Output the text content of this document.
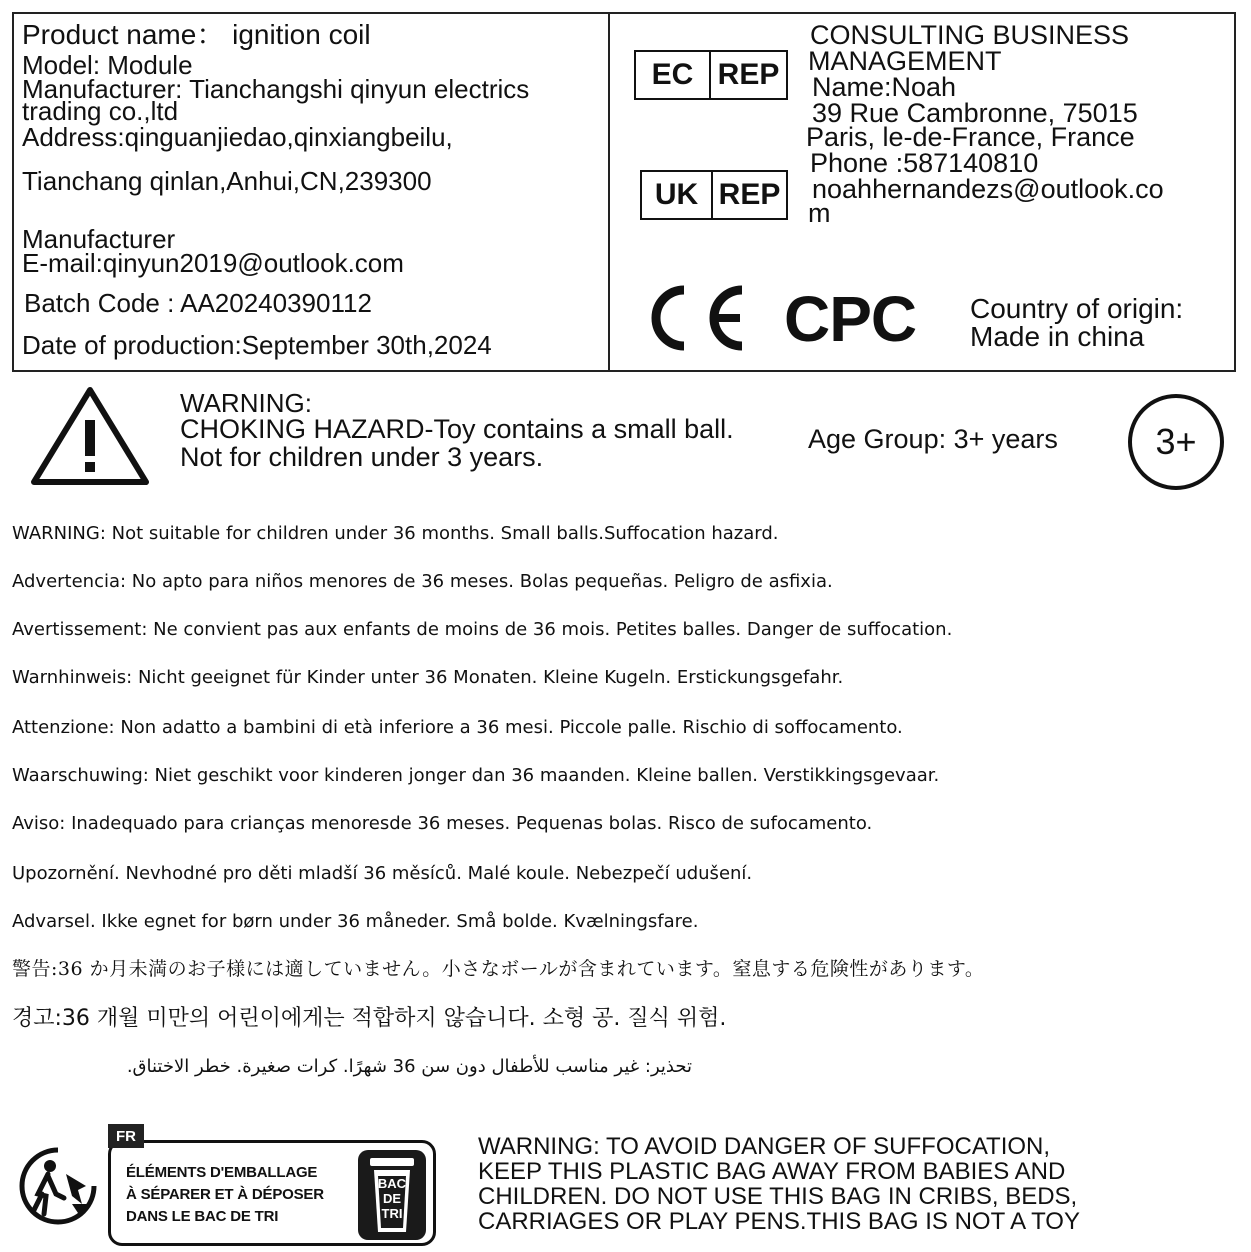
Product name： ignition coil
Model: Module
Manufacturer: Tianchangshi qinyun electrics
trading co.,ltd
Address:qinguanjiedao,qinxiangbeilu,
Tianchang qinlan,Anhui,CN,239300
Manufacturer
E-mail:qinyun2019@outlook.com
Batch Code : AA20240390112
Date of production:September 30th,2024
EC REP
UK REP
CONSULTING BUSINESS
MANAGEMENT
Name:Noah
39 Rue Cambronne, 75015
Paris, le-de-France, France
Phone :587140810
noahhernandezs@outlook.co
m
CPC Country of origin:
Made in china
WARNING:
CHOKING HAZARD-Toy contains a small ball.
Not for children under 3 years.
Age Group: 3+ years	3+
WARNING: Not suitable for children under 36 months. Small balls.Suffocation hazard.
Advertencia: No apto para niños menores de 36 meses. Bolas pequeñas. Peligro de asfixia.
Avertissement: Ne convient pas aux enfants de moins de 36 mois. Petites balles. Danger de suffocation.
Warnhinweis: Nicht geeignet für Kinder unter 36 Monaten. Kleine Kugeln. Erstickungsgefahr.
Attenzione: Non adatto a bambini di età inferiore a 36 mesi. Piccole palle. Rischio di soffocamento.
Waarschuwing: Niet geschikt voor kinderen jonger dan 36 maanden. Kleine ballen. Verstikkingsgevaar.
Aviso: Inadequado para crianças menoresde 36 meses. Pequenas bolas. Risco de sufocamento.
Upozornění. Nevhodné pro děti mladší 36 měsíců. Malé koule. Nebezpečí udušení.
Advarsel. Ikke egnet for børn under 36 måneder. Små bolde. Kvælningsfare.
警告:36 か月未満のお子様には適していません。小さなボールが含まれています。窒息する危険性があります。
경고:36 개월 미만의 어린이에게는 적합하지 않습니다. 소형 공. 질식 위험.
تحذير: غير مناسب للأطفال دون سن 36 شهرًا. كرات صغيرة. خطر الاختناق.
FR
ÉLÉMENTS D'EMBALLAGE
À SÉPARER ET À DÉPOSER
DANS LE BAC DE TRI
BAC
DE
TRI
WARNING: TO AVOID DANGER OF SUFFOCATION,
KEEP THIS PLASTIC BAG AWAY FROM BABIES AND
CHILDREN. DO NOT USE THIS BAG IN CRIBS, BEDS,
CARRIAGES OR PLAY PENS.THIS BAG IS NOT A TOY
